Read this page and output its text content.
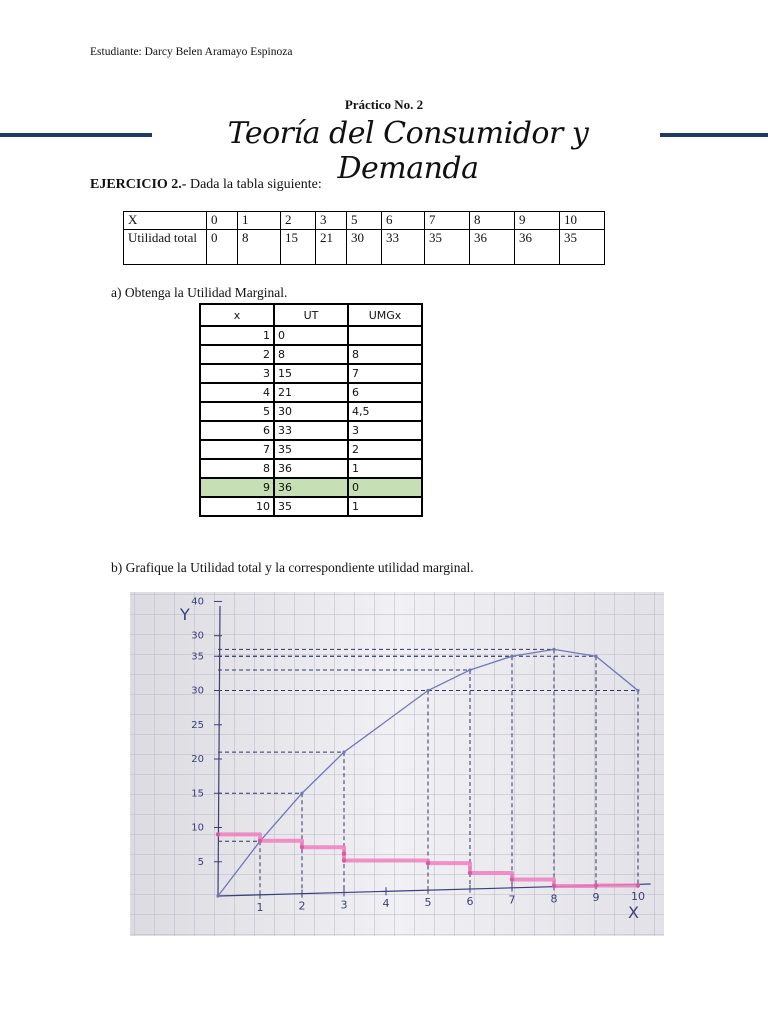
Estudiante: Darcy Belen Aramayo Espinoza
Práctico No. 2
Teoría del Consumidor y Demanda
EJERCICIO 2.- Dada la tabla siguiente:
X	0	1	2	3	5	6	7	8	9	10
Utilidad total	0	8	15	21	30	33	35	36	36	35
a) Obtenga la Utilidad Marginal.
x	UT	UMGx
1	0	
2	8	8
3	15	7
4	21	6
5	30	4,5
6	33	3
7	35	2
8	36	1
9	36	0
10	35	1
b) Grafique la Utilidad total y la correspondiente utilidad marginal.
5
10
15
20
25
30
35
30
40
1	2	3	4	5	6	7	8	9	10
Y
X
